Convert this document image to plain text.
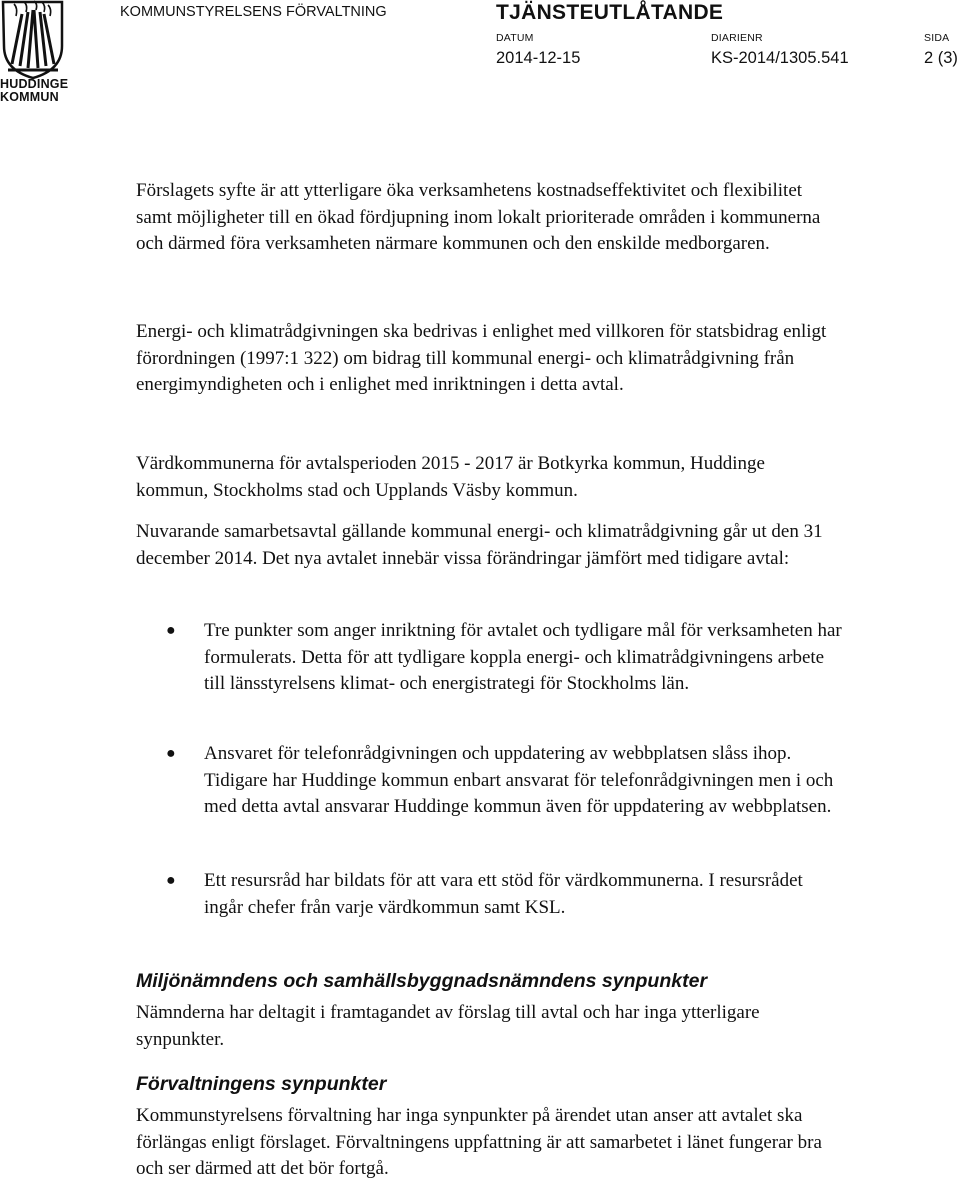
HUDDINGE
KOMMUN
KOMMUNSTYRELSENS FÖRVALTNING	TJÄNSTEUTLÅTANDE
DATUM
2014-12-15
DIARIENR
KS-2014/1305.541
SIDA
2 (3)

Förslagets syfte är att ytterligare öka verksamhetens kostnadseffektivitet och flexibilitet samt möjligheter till en ökad fördjupning inom lokalt prioriterade områden i kommunerna och därmed föra verksamheten närmare kommunen och den enskilde medborgaren.

Energi- och klimatrådgivningen ska bedrivas i enlighet med villkoren för statsbidrag enligt förordningen (1997:1 322) om bidrag till kommunal energi- och klimatrådgivning från energimyndigheten och i enlighet med inriktningen i detta avtal.

Värdkommunerna för avtalsperioden 2015 - 2017 är Botkyrka kommun, Huddinge kommun, Stockholms stad och Upplands Väsby kommun.

Nuvarande samarbetsavtal gällande kommunal energi- och klimatrådgivning går ut den 31 december 2014. Det nya avtalet innebär vissa förändringar jämfört med tidigare avtal:

● Tre punkter som anger inriktning för avtalet och tydligare mål för verksamheten har formulerats. Detta för att tydligare koppla energi- och klimatrådgivningens arbete till länsstyrelsens klimat- och energistrategi för Stockholms län.

● Ansvaret för telefonrådgivningen och uppdatering av webbplatsen slåss ihop. Tidigare har Huddinge kommun enbart ansvarat för telefonrådgivningen men i och med detta avtal ansvarar Huddinge kommun även för uppdatering av webbplatsen.

● Ett resursråd har bildats för att vara ett stöd för värdkommunerna. I resursrådet ingår chefer från varje värdkommun samt KSL.

Miljönämndens och samhällsbyggnadsnämndens synpunkter

Nämnderna har deltagit i framtagandet av förslag till avtal och har inga ytterligare synpunkter.

Förvaltningens synpunkter

Kommunstyrelsens förvaltning har inga synpunkter på ärendet utan anser att avtalet ska förlängas enligt förslaget. Förvaltningens uppfattning är att samarbetet i länet fungerar bra och ser därmed att det bör fortgå.
